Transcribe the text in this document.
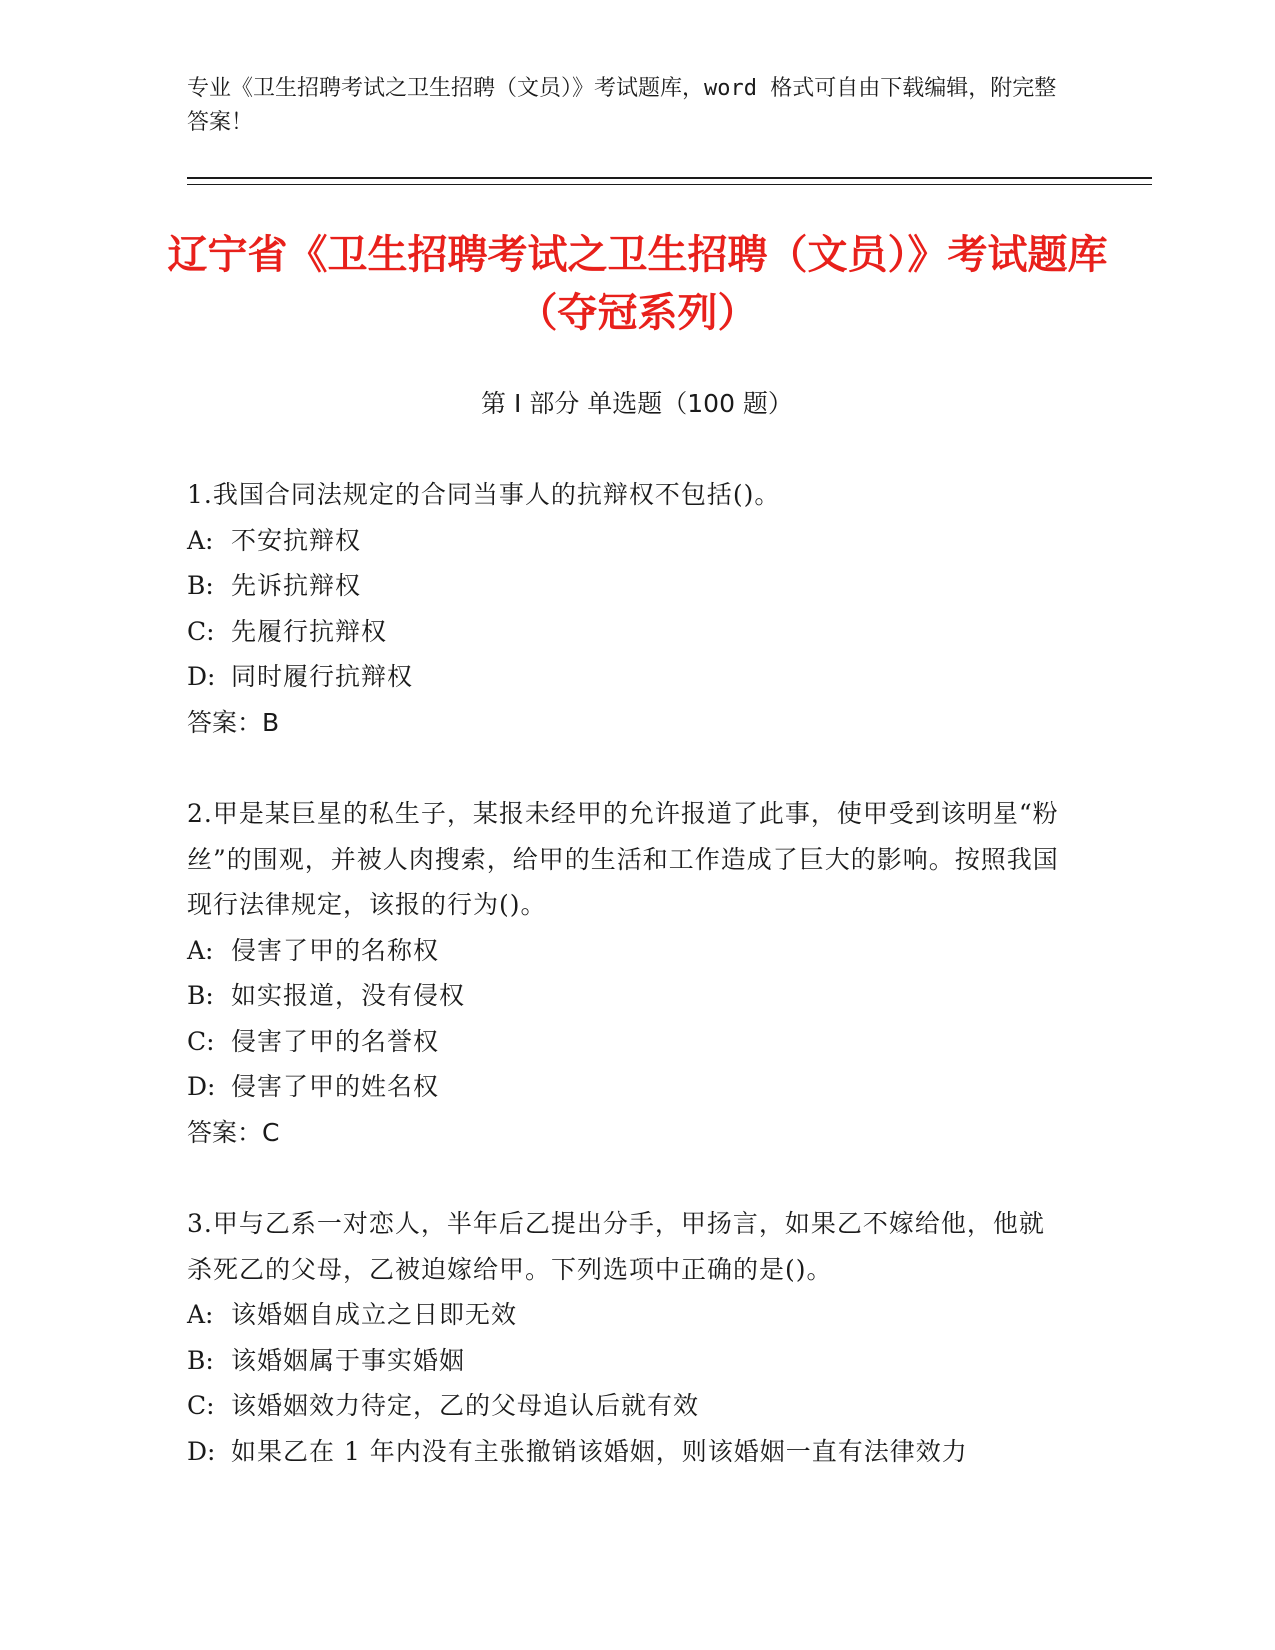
专业《卫生招聘考试之卫生招聘（文员）》考试题库，word 格式可自由下载编辑，附完整答案！
辽宁省《卫生招聘考试之卫生招聘（文员）》考试题库（夺冠系列）
第 I 部分 单选题（100 题）
1.我国合同法规定的合同当事人的抗辩权不包括()。
A: 不安抗辩权
B: 先诉抗辩权
C: 先履行抗辩权
D: 同时履行抗辩权
答案：B
2.甲是某巨星的私生子，某报未经甲的允许报道了此事，使甲受到该明星“粉丝”的围观，并被人肉搜索，给甲的生活和工作造成了巨大的影响。按照我国现行法律规定，该报的行为()。
A: 侵害了甲的名称权
B: 如实报道，没有侵权
C: 侵害了甲的名誉权
D: 侵害了甲的姓名权
答案：C
3.甲与乙系一对恋人，半年后乙提出分手，甲扬言，如果乙不嫁给他，他就杀死乙的父母，乙被迫嫁给甲。下列选项中正确的是()。
A: 该婚姻自成立之日即无效
B: 该婚姻属于事实婚姻
C: 该婚姻效力待定，乙的父母追认后就有效
D: 如果乙在 1 年内没有主张撤销该婚姻，则该婚姻一直有法律效力
